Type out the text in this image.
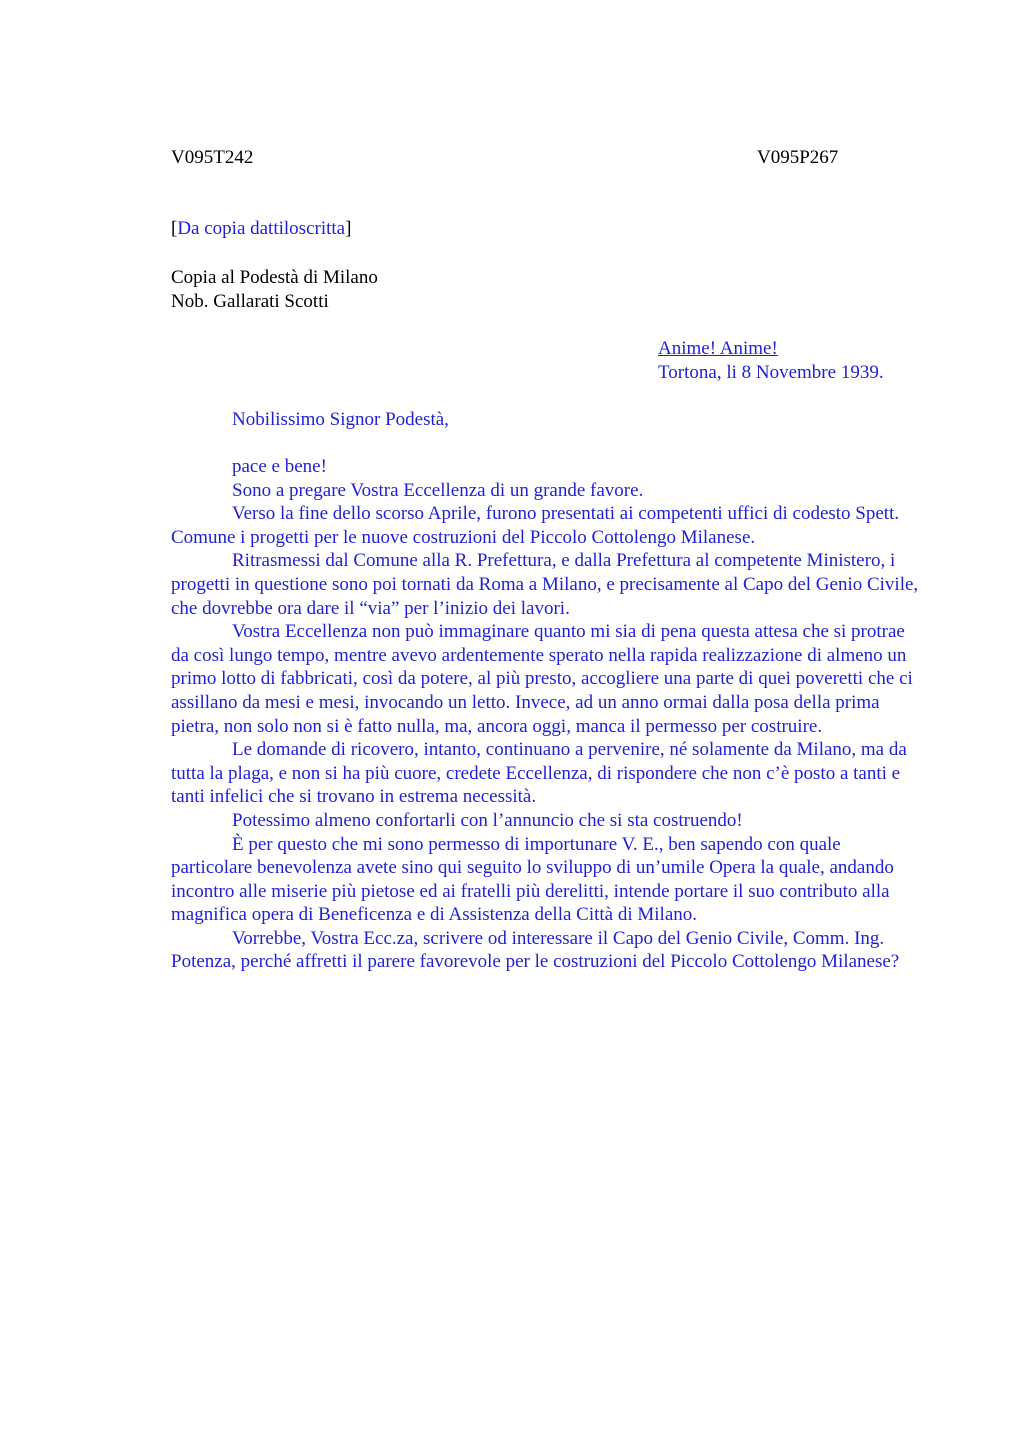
V095T242	V095P267
[Da copia dattiloscritta]
Copia al Podestà di Milano
Nob. Gallarati Scotti
Anime! Anime!
Tortona, li 8 Novembre 1939.
Nobilissimo Signor Podestà,

pace e bene!

Sono a pregare Vostra Eccellenza di un grande favore.

Verso la fine dello scorso Aprile, furono presentati ai competenti uffici di codesto Spett. Comune i progetti per le nuove costruzioni del Piccolo Cottolengo Milanese.

Ritrasmessi dal Comune alla R. Prefettura, e dalla Prefettura al competente Ministero, i progetti in questione sono poi tornati da Roma a Milano, e precisamente al Capo del Genio Civile, che dovrebbe ora dare il “via” per l’inizio dei lavori.

Vostra Eccellenza non può immaginare quanto mi sia di pena questa attesa che si protrae da così lungo tempo, mentre avevo ardentemente sperato nella rapida realizzazione di almeno un primo lotto di fabbricati, così da potere, al più presto, accogliere una parte di quei poveretti che ci assillano da mesi e mesi, invocando un letto. Invece, ad un anno ormai dalla posa della prima pietra, non solo non si è fatto nulla, ma, ancora oggi, manca il permesso per costruire.

Le domande di ricovero, intanto, continuano a pervenire, né solamente da Milano, ma da tutta la plaga, e non si ha più cuore, credete Eccellenza, di rispondere che non c’è posto a tanti e tanti infelici che si trovano in estrema necessità.

Potessimo almeno confortarli con l’annuncio che si sta costruendo!

È per questo che mi sono permesso di importunare V. E., ben sapendo con quale particolare benevolenza avete sino qui seguito lo sviluppo di un’umile Opera la quale, andando incontro alle miserie più pietose ed ai fratelli più derelitti, intende portare il suo contributo alla magnifica opera di Beneficenza e di Assistenza della Città di Milano.

Vorrebbe, Vostra Ecc.za, scrivere od interessare il Capo del Genio Civile, Comm. Ing. Potenza, perché affretti il parere favorevole per le costruzioni del Piccolo Cottolengo Milanese?
